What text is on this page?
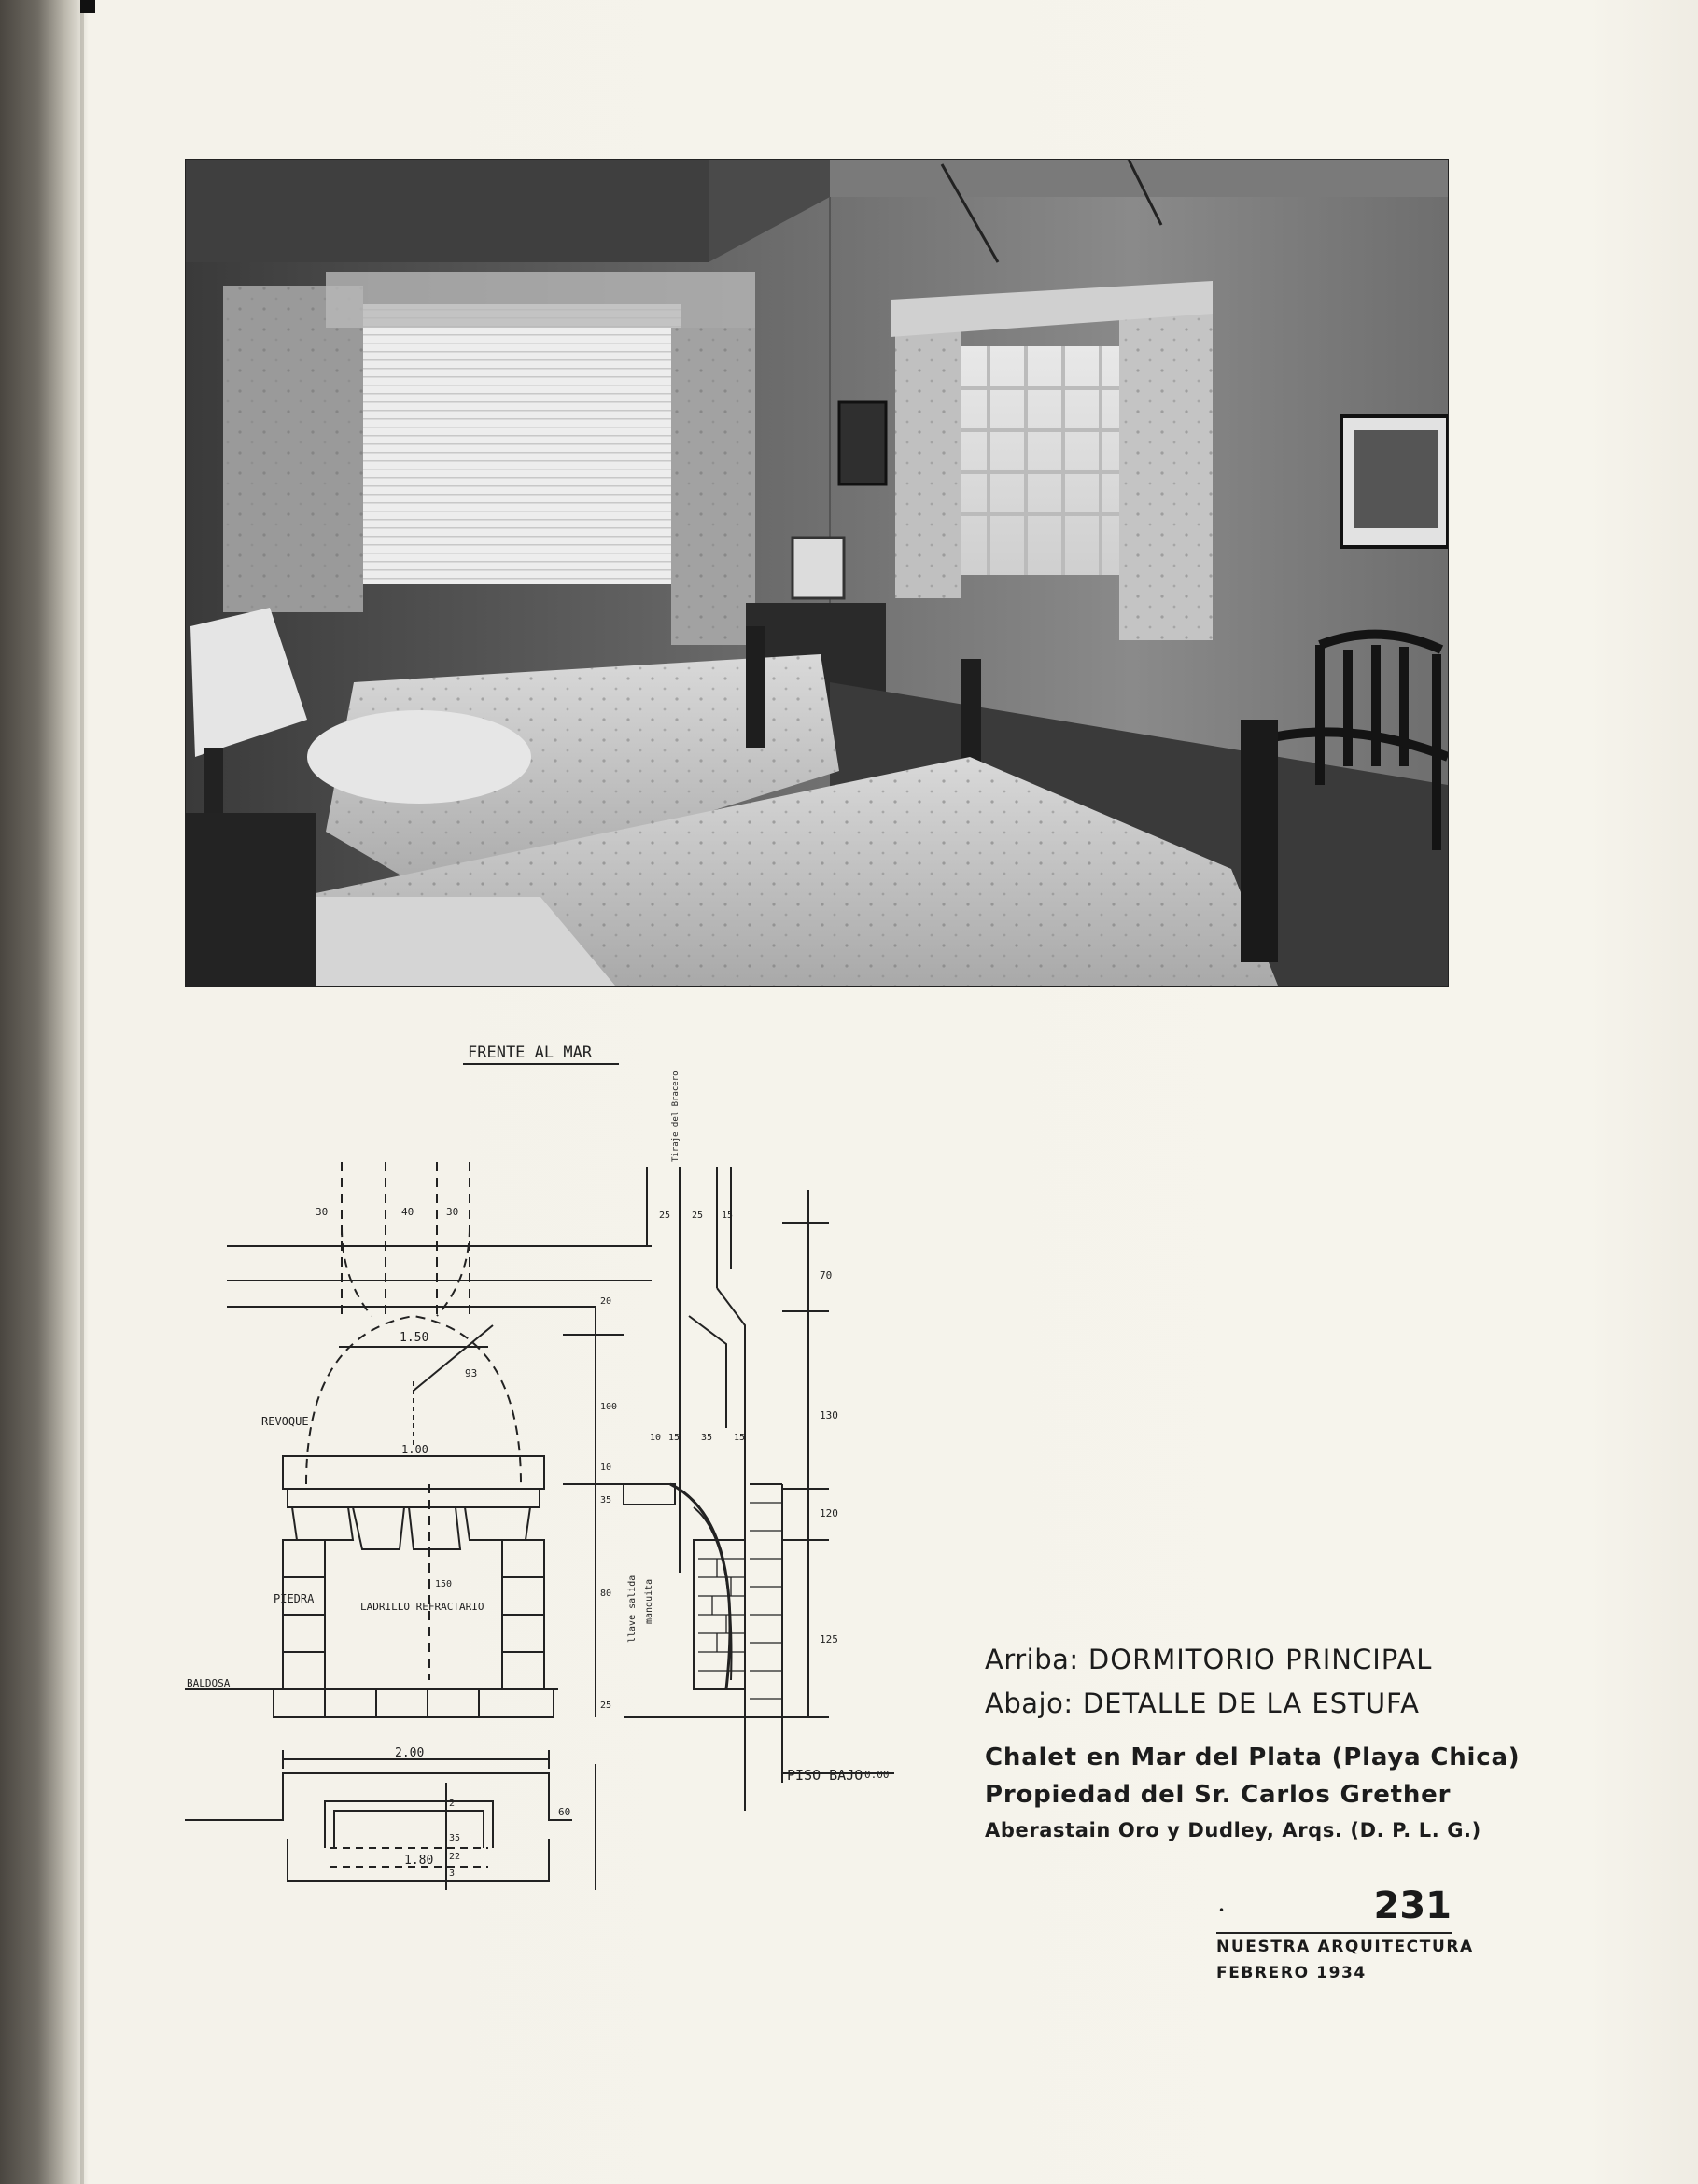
FRENTE AL MAR
REVOQUE
PIEDRA
BALDOSA
LADRILLO REFRACTARIO
PISO BAJO 0.00
1.50
2.00
1.80
1.00
93
60
30	40	30	25 25 15
70
130
120
125
10 15 35 15
20
100
10
35
150
80
25
2
35
22
3
Tiraje del Bracero
manguita
llave salida

Arriba: DORMITORIO PRINCIPAL

Abajo: DETALLE DE LA ESTUFA

Chalet en Mar del Plata (Playa Chica)

Propiedad del Sr. Carlos Grether

Aberastain Oro y Dudley, Arqs. (D. P. L. G.)

•	231
NUESTRA ARQUITECTURA
FEBRERO 1934
